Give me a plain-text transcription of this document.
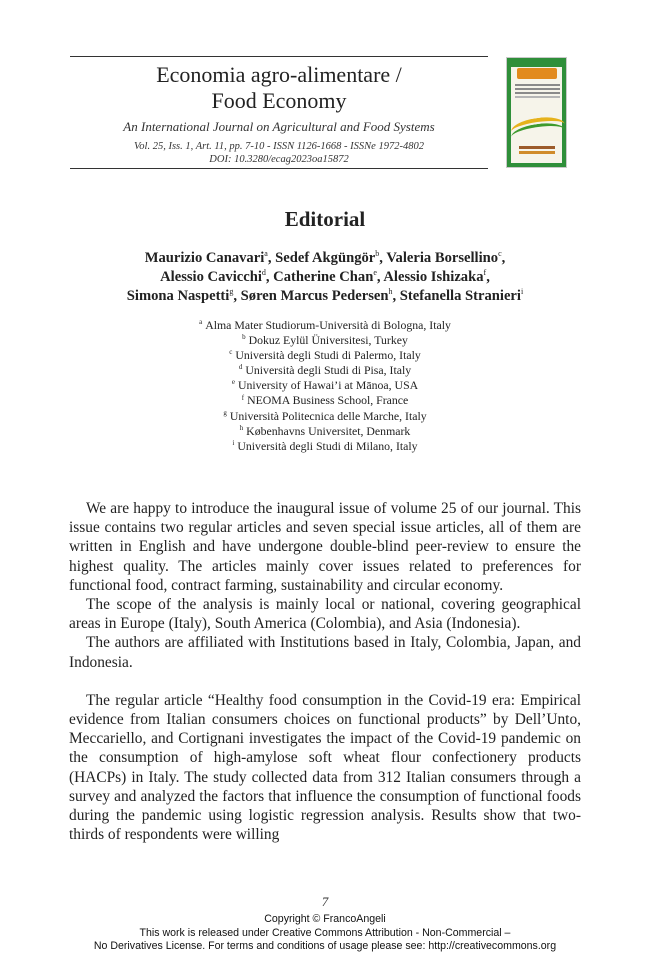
Economia agro-alimentare /
Food Economy
An International Journal on Agricultural and Food Systems
Vol. 25, Iss. 1, Art. 11, pp. 7-10 - ISSN 1126-1668 - ISSNe 1972-4802
DOI: 10.3280/ecag2023oa15872
Editorial
Maurizio Canavari$^a$, Sedef Akgüngör$^b$, Valeria Borsellino$^c$,
Alessio Cavicchi$^d$, Catherine Chan$^e$, Alessio Ishizaka$^f$,
Simona Naspetti$^g$, Søren Marcus Pedersen$^h$, Stefanella Stranieri$^i$
$^a$ Alma Mater Studiorum-Università di Bologna, Italy
$^b$ Dokuz Eylül Üniversitesi, Turkey
$^c$ Università degli Studi di Palermo, Italy
$^d$ Università degli Studi di Pisa, Italy
$^e$ University of Hawai’i at Mānoa, USA
$^f$ NEOMA Business School, France
$^g$ Università Politecnica delle Marche, Italy
$^h$ Københavns Universitet, Denmark
$^i$ Università degli Studi di Milano, Italy

We are happy to introduce the inaugural issue of volume 25 of our journal. This issue contains two regular articles and seven special issue articles, all of them are written in English and have undergone double-blind peer-review to ensure the highest quality. The articles mainly cover issues related to preferences for functional food, contract farming, sustainability and circular economy.

The scope of the analysis is mainly local or national, covering geographical areas in Europe (Italy), South America (Colombia), and Asia (Indonesia).

The authors are affiliated with Institutions based in Italy, Colombia, Japan, and Indonesia.

The regular article “Healthy food consumption in the Covid-19 era: Empirical evidence from Italian consumers choices on functional products” by Dell’Unto, Meccariello, and Cortignani investigates the impact of the Covid-19 pandemic on the consumption of high-amylose soft wheat flour confectionery products (HACPs) in Italy. The study collected data from 312 Italian consumers through a survey and analyzed the factors that influence the consumption of functional foods during the pandemic using logistic regression analysis. Results show that two-thirds of respondents were willing

7
Copyright © FrancoAngeli
This work is released under Creative Commons Attribution - Non-Commercial –
No Derivatives License. For terms and conditions of usage please see: http://creativecommons.org
